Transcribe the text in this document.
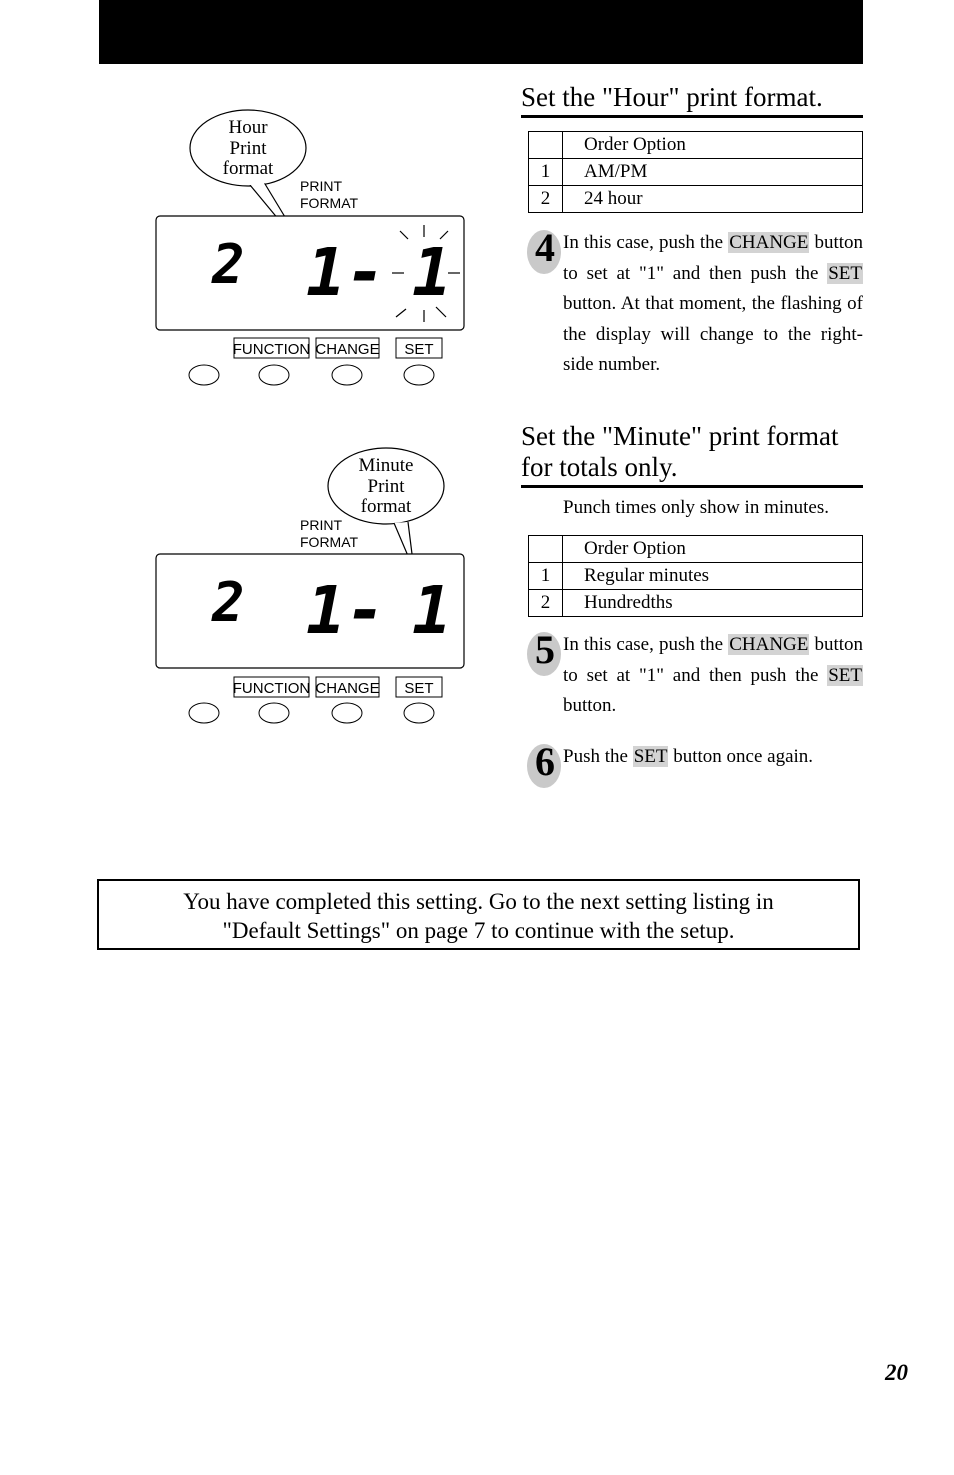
Hour
Print
format
PRINT
FORMAT
2 1- 1
FUNCTION CHANGE SET
Minute
Print
format
PRINT
FORMAT
2 1- 1
FUNCTION CHANGE SET
Set the "Hour" print format.
	Order Option
1	AM/PM
2	24 hour
4 In this case, push the CHANGE button to set at "1" and then push the SET button. At that moment, the flashing of the display will change to the right-side number.
Set the "Minute" print format
for totals only.
Punch times only show in minutes.
	Order Option
1	Regular minutes
2	Hundredths
5 In this case, push the CHANGE button to set at "1" and then push the SET button.
6 Push the SET button once again.
You have completed this setting. Go to the next setting listing in
"Default Settings" on page 7 to continue with the setup.
20
